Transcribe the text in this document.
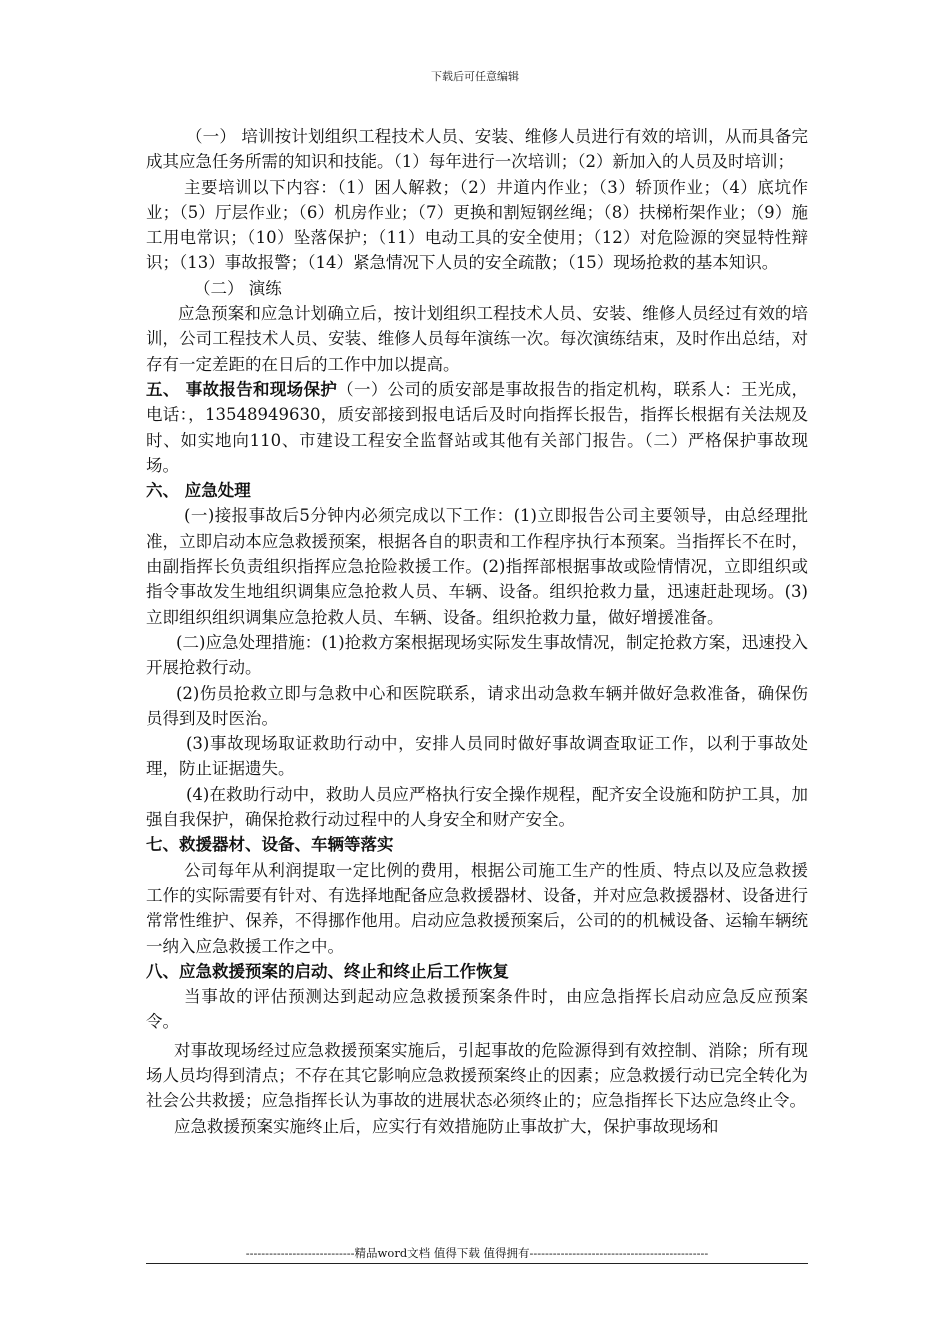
下载后可任意编辑

（一） 培训按计划组织工程技术人员、安装、维修人员进行有效的培训，从而具备完成其应急任务所需的知识和技能。（1）每年进行一次培训；（2）新加入的人员及时培训；

主要培训以下内容：（1）困人解救；（2）井道内作业；（3）轿顶作业；（4）底坑作业；（5）厅层作业；（6）机房作业；（7）更换和割短钢丝绳；（8）扶梯桁架作业；（9）施工用电常识；（10）坠落保护；（11）电动工具的安全使用；（12）对危险源的突显特性辩识；（13）事故报警；（14）紧急情况下人员的安全疏散；（15）现场抢救的基本知识。

（二） 演练

应急预案和应急计划确立后，按计划组织工程技术人员、安装、维修人员经过有效的培训，公司工程技术人员、安装、维修人员每年演练一次。每次演练结束，及时作出总结，对存有一定差距的在日后的工作中加以提高。

五、 事故报告和现场保护（一）公司的质安部是事故报告的指定机构，联系人：王光成，电话：，13548949630，质安部接到报电话后及时向指挥长报告，指挥长根据有关法规及时、如实地向110、市建设工程安全监督站或其他有关部门报告。（二）严格保护事故现场。

六、 应急处理

(一)接报事故后5分钟内必须完成以下工作：(1)立即报告公司主要领导，由总经理批准，立即启动本应急救援预案，根据各自的职责和工作程序执行本预案。当指挥长不在时，由副指挥长负责组织指挥应急抢险救援工作。(2)指挥部根据事故或险情情况，立即组织或指令事故发生地组织调集应急抢救人员、车辆、设备。组织抢救力量，迅速赶赴现场。(3)立即组织组织调集应急抢救人员、车辆、设备。组织抢救力量，做好增援准备。

(二)应急处理措施：(1)抢救方案根据现场实际发生事故情况，制定抢救方案，迅速投入开展抢救行动。

(2)伤员抢救立即与急救中心和医院联系，请求出动急救车辆并做好急救准备，确保伤员得到及时医治。

(3)事故现场取证救助行动中，安排人员同时做好事故调查取证工作，以利于事故处理，防止证据遗失。

(4)在救助行动中，救助人员应严格执行安全操作规程，配齐安全设施和防护工具，加强自我保护，确保抢救行动过程中的人身安全和财产安全。

七、救援器材、设备、车辆等落实

公司每年从利润提取一定比例的费用，根据公司施工生产的性质、特点以及应急救援工作的实际需要有针对、有选择地配备应急救援器材、设备，并对应急救援器材、设备进行常常性维护、保养，不得挪作他用。启动应急救援预案后，公司的的机械设备、运输车辆统一纳入应急救援工作之中。

八、应急救援预案的启动、终止和终止后工作恢复

当事故的评估预测达到起动应急救援预案条件时，由应急指挥长启动应急反应预案令。

对事故现场经过应急救援预案实施后，引起事故的危险源得到有效控制、消除；所有现场人员均得到清点；不存在其它影响应急救援预案终止的因素；应急救援行动已完全转化为社会公共救援；应急指挥长认为事故的进展状态必须终止的；应急指挥长下达应急终止令。

应急救援预案实施终止后，应实行有效措施防止事故扩大，保护事故现场和

----------------------------精品word文档 值得下载 值得拥有----------------------------------------------
